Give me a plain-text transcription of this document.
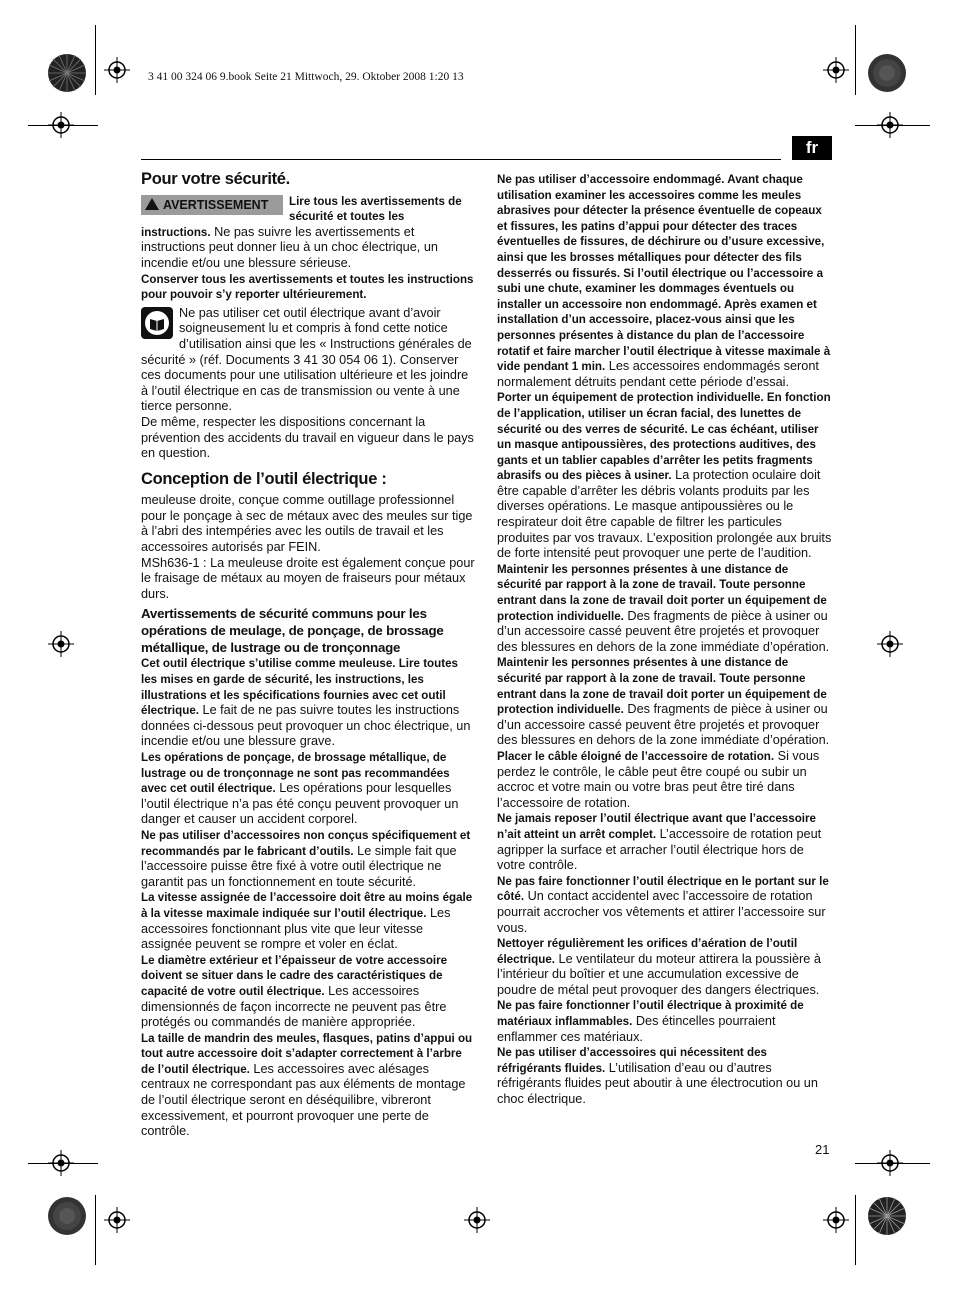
3 41 00 324 06 9.book Seite 21 Mittwoch, 29. Oktober 2008 1:20 13
fr
Pour votre sécurité.
AVERTISSEMENT	Lire tous les avertissements de sécurité et toutes les instructions. Ne pas suivre les avertissements et instructions peut donner lieu à un choc électrique, un incendie et/ou une blessure sérieuse.

Conserver tous les avertissements et toutes les instructions pour pouvoir s’y reporter ultérieurement.

Ne pas utiliser cet outil électrique avant d’avoir soigneusement lu et compris à fond cette notice d’utilisation ainsi que les « Instructions générales de sécurité » (réf. Documents 3 41 30 054 06 1). Conserver ces documents pour une utilisation ultérieure et les joindre à l’outil électrique en cas de transmission ou vente à une tierce personne.

De même, respecter les dispositions concernant la prévention des accidents du travail en vigueur dans le pays en question.

Conception de l’outil électrique :

meuleuse droite, conçue comme outillage professionnel pour le ponçage à sec de métaux avec des meules sur tige à l’abri des intempéries avec les outils de travail et les accessoires autorisés par FEIN.

MSh636-1 : La meuleuse droite est également conçue pour le fraisage de métaux au moyen de fraiseurs pour métaux durs.

Avertissements de sécurité communs pour les opérations de meulage, de ponçage, de brossage métallique, de lustrage ou de tronçonnage

Cet outil électrique s’utilise comme meuleuse. Lire toutes les mises en garde de sécurité, les instructions, les illustrations et les spécifications fournies avec cet outil électrique. Le fait de ne pas suivre toutes les instructions données ci-dessous peut provoquer un choc électrique, un incendie et/ou une blessure grave.

Les opérations de ponçage, de brossage métallique, de lustrage ou de tronçonnage ne sont pas recommandées avec cet outil électrique. Les opérations pour lesquelles l’outil électrique n’a pas été conçu peuvent provoquer un danger et causer un accident corporel.

Ne pas utiliser d’accessoires non conçus spécifiquement et recommandés par le fabricant d’outils. Le simple fait que l’accessoire puisse être fixé à votre outil électrique ne garantit pas un fonctionnement en toute sécurité.

La vitesse assignée de l’accessoire doit être au moins égale à la vitesse maximale indiquée sur l’outil électrique. Les accessoires fonctionnant plus vite que leur vitesse assignée peuvent se rompre et voler en éclat.

Le diamètre extérieur et l’épaisseur de votre accessoire doivent se situer dans le cadre des caractéristiques de capacité de votre outil électrique. Les accessoires dimensionnés de façon incorrecte ne peuvent pas être protégés ou commandés de manière appropriée.

La taille de mandrin des meules, flasques, patins d’appui ou tout autre accessoire doit s’adapter correctement à l’arbre de l’outil électrique. Les accessoires avec alésages centraux ne correspondant pas aux éléments de montage de l’outil électrique seront en déséquilibre, vibreront excessivement, et pourront provoquer une perte de contrôle.

Ne pas utiliser d’accessoire endommagé. Avant chaque utilisation examiner les accessoires comme les meules abrasives pour détecter la présence éventuelle de copeaux et fissures, les patins d’appui pour détecter des traces éventuelles de fissures, de déchirure ou d’usure excessive, ainsi que les brosses métalliques pour détecter des fils desserrés ou fissurés. Si l’outil électrique ou l’accessoire a subi une chute, examiner les dommages éventuels ou installer un accessoire non endommagé. Après examen et installation d’un accessoire, placez-vous ainsi que les personnes présentes à distance du plan de l’accessoire rotatif et faire marcher l’outil électrique à vitesse maximale à vide pendant 1 min. Les accessoires endommagés seront normalement détruits pendant cette période d’essai.

Porter un équipement de protection individuelle. En fonction de l’application, utiliser un écran facial, des lunettes de sécurité ou des verres de sécurité. Le cas échéant, utiliser un masque antipoussières, des protections auditives, des gants et un tablier capables d’arrêter les petits fragments abrasifs ou des pièces à usiner. La protection oculaire doit être capable d’arrêter les débris volants produits par les diverses opérations. Le masque antipoussières ou le respirateur doit être capable de filtrer les particules produites par vos travaux. L’exposition prolongée aux bruits de forte intensité peut provoquer une perte de l’audition.

Maintenir les personnes présentes à une distance de sécurité par rapport à la zone de travail. Toute personne entrant dans la zone de travail doit porter un équipement de protection individuelle. Des fragments de pièce à usiner ou d’un accessoire cassé peuvent être projetés et provoquer des blessures en dehors de la zone immédiate d’opération.

Maintenir les personnes présentes à une distance de sécurité par rapport à la zone de travail. Toute personne entrant dans la zone de travail doit porter un équipement de protection individuelle. Des fragments de pièce à usiner ou d’un accessoire cassé peuvent être projetés et provoquer des blessures en dehors de la zone immédiate d’opération.

Placer le câble éloigné de l’accessoire de rotation. Si vous perdez le contrôle, le câble peut être coupé ou subir un accroc et votre main ou votre bras peut être tiré dans l’accessoire de rotation.

Ne jamais reposer l’outil électrique avant que l’accessoire n’ait atteint un arrêt complet. L’accessoire de rotation peut agripper la surface et arracher l’outil électrique hors de votre contrôle.

Ne pas faire fonctionner l’outil électrique en le portant sur le côté. Un contact accidentel avec l’accessoire de rotation pourrait accrocher vos vêtements et attirer l’accessoire sur vous.

Nettoyer régulièrement les orifices d’aération de l’outil électrique. Le ventilateur du moteur attirera la poussière à l’intérieur du boîtier et une accumulation excessive de poudre de métal peut provoquer des dangers électriques.

Ne pas faire fonctionner l’outil électrique à proximité de matériaux inflammables. Des étincelles pourraient enflammer ces matériaux.

Ne pas utiliser d’accessoires qui nécessitent des réfrigérants fluides. L’utilisation d’eau ou d’autres réfrigérants fluides peut aboutir à une électrocution ou un choc électrique.

21
